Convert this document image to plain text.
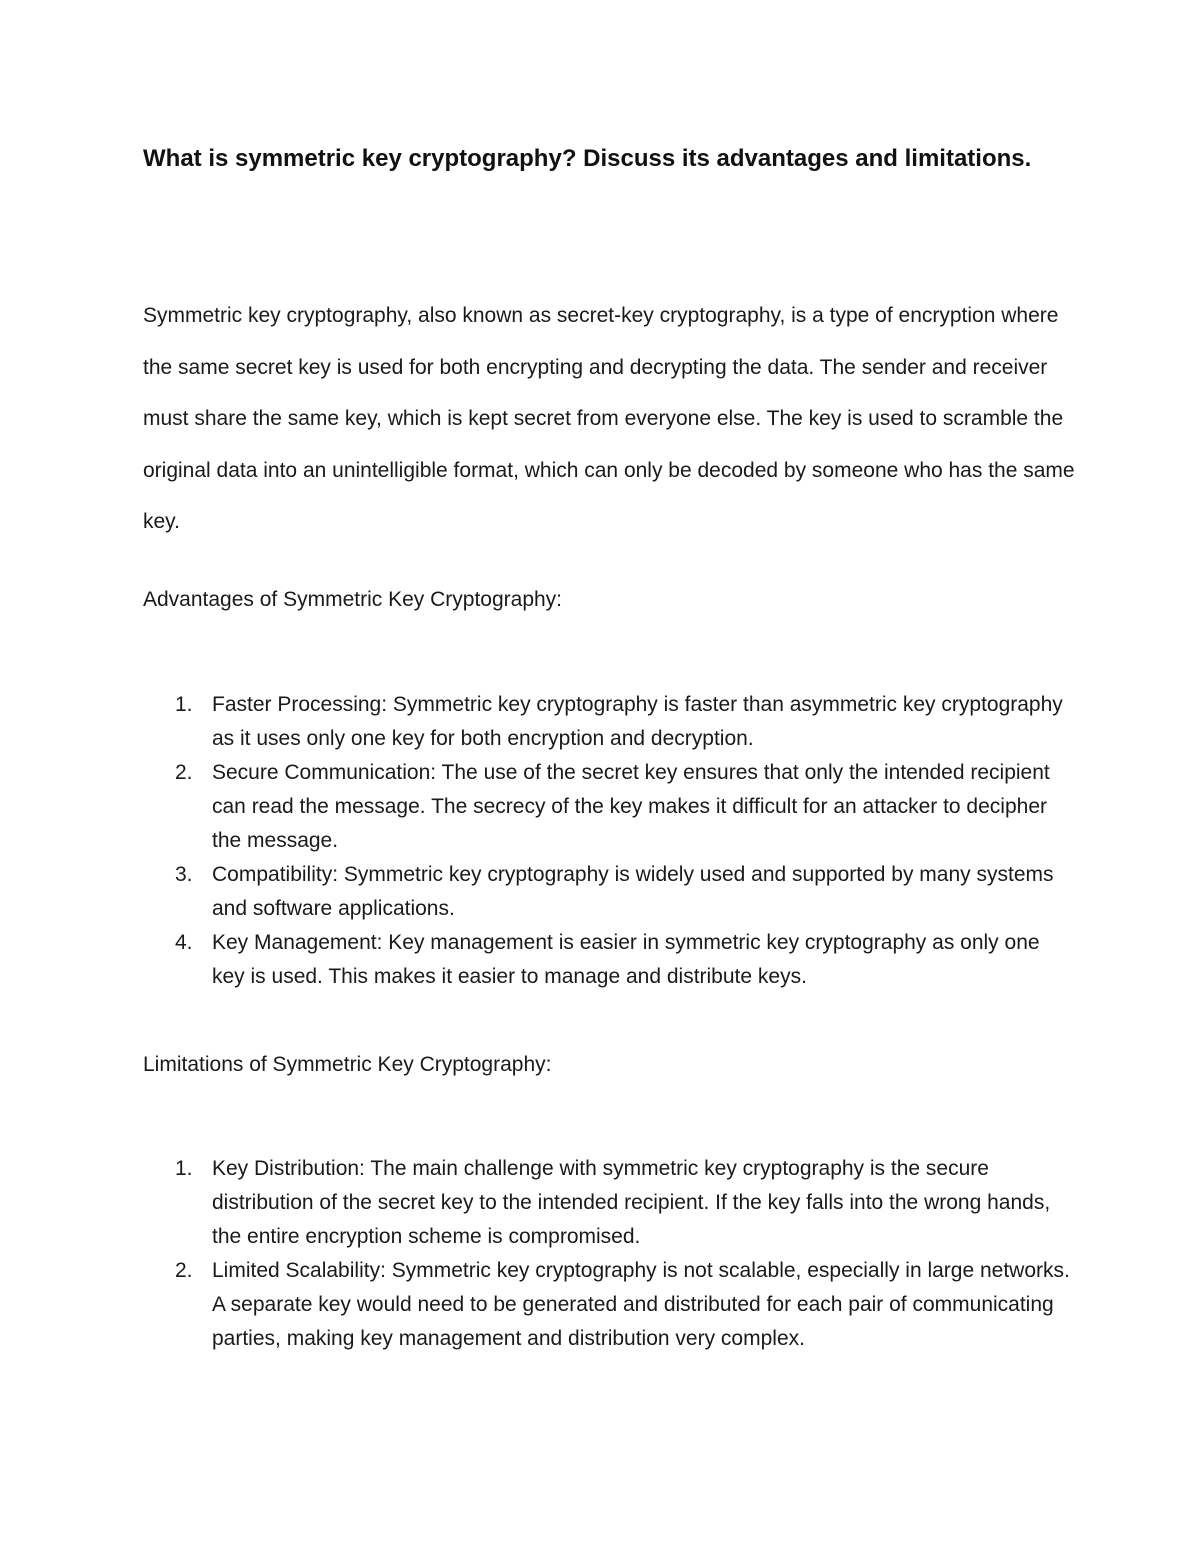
What is symmetric key cryptography? Discuss its advantages and limitations.

Symmetric key cryptography, also known as secret-key cryptography, is a type of encryption where the same secret key is used for both encrypting and decrypting the data. The sender and receiver must share the same key, which is kept secret from everyone else. The key is used to scramble the original data into an unintelligible format, which can only be decoded by someone who has the same key.

Advantages of Symmetric Key Cryptography:

1. Faster Processing: Symmetric key cryptography is faster than asymmetric key cryptography as it uses only one key for both encryption and decryption.
2. Secure Communication: The use of the secret key ensures that only the intended recipient can read the message. The secrecy of the key makes it difficult for an attacker to decipher the message.
3. Compatibility: Symmetric key cryptography is widely used and supported by many systems and software applications.
4. Key Management: Key management is easier in symmetric key cryptography as only one key is used. This makes it easier to manage and distribute keys.

Limitations of Symmetric Key Cryptography:

1. Key Distribution: The main challenge with symmetric key cryptography is the secure distribution of the secret key to the intended recipient. If the key falls into the wrong hands, the entire encryption scheme is compromised.
2. Limited Scalability: Symmetric key cryptography is not scalable, especially in large networks. A separate key would need to be generated and distributed for each pair of communicating parties, making key management and distribution very complex.
